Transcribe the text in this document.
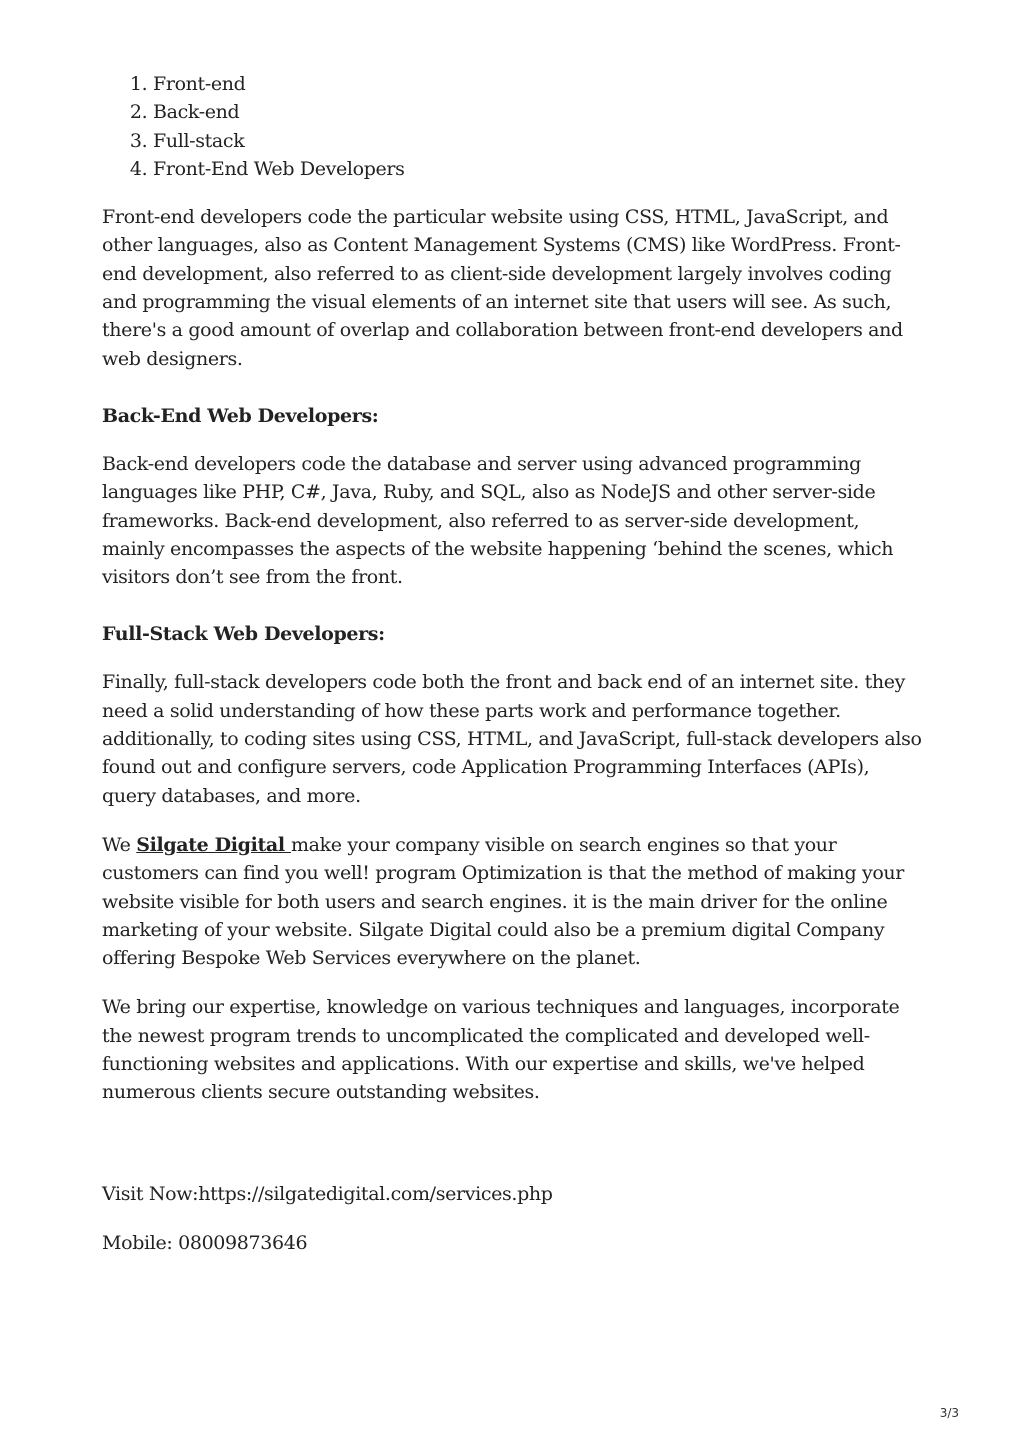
1. Front-end
2. Back-end
3. Full-stack
4. Front-End Web Developers

Front-end developers code the particular website using CSS, HTML, JavaScript, and other languages, also as Content Management Systems (CMS) like WordPress. Front-end development, also referred to as client-side development largely involves coding and programming the visual elements of an internet site that users will see. As such, there's a good amount of overlap and collaboration between front-end developers and web designers.

Back-End Web Developers:

Back-end developers code the database and server using advanced programming languages like PHP, C#, Java, Ruby, and SQL, also as NodeJS and other server-side frameworks. Back-end development, also referred to as server-side development, mainly encompasses the aspects of the website happening ‘behind the scenes, which visitors don’t see from the front.

Full-Stack Web Developers:

Finally, full-stack developers code both the front and back end of an internet site. they need a solid understanding of how these parts work and performance together. additionally, to coding sites using CSS, HTML, and JavaScript, full-stack developers also found out and configure servers, code Application Programming Interfaces (APIs), query databases, and more.

We Silgate Digital make your company visible on search engines so that your customers can find you well! program Optimization is that the method of making your website visible for both users and search engines. it is the main driver for the online marketing of your website. Silgate Digital could also be a premium digital Company offering Bespoke Web Services everywhere on the planet.

We bring our expertise, knowledge on various techniques and languages, incorporate the newest program trends to uncomplicated the complicated and developed well-functioning websites and applications. With our expertise and skills, we've helped numerous clients secure outstanding websites.

Visit Now:https://silgatedigital.com/services.php

Mobile: 08009873646

3/3
